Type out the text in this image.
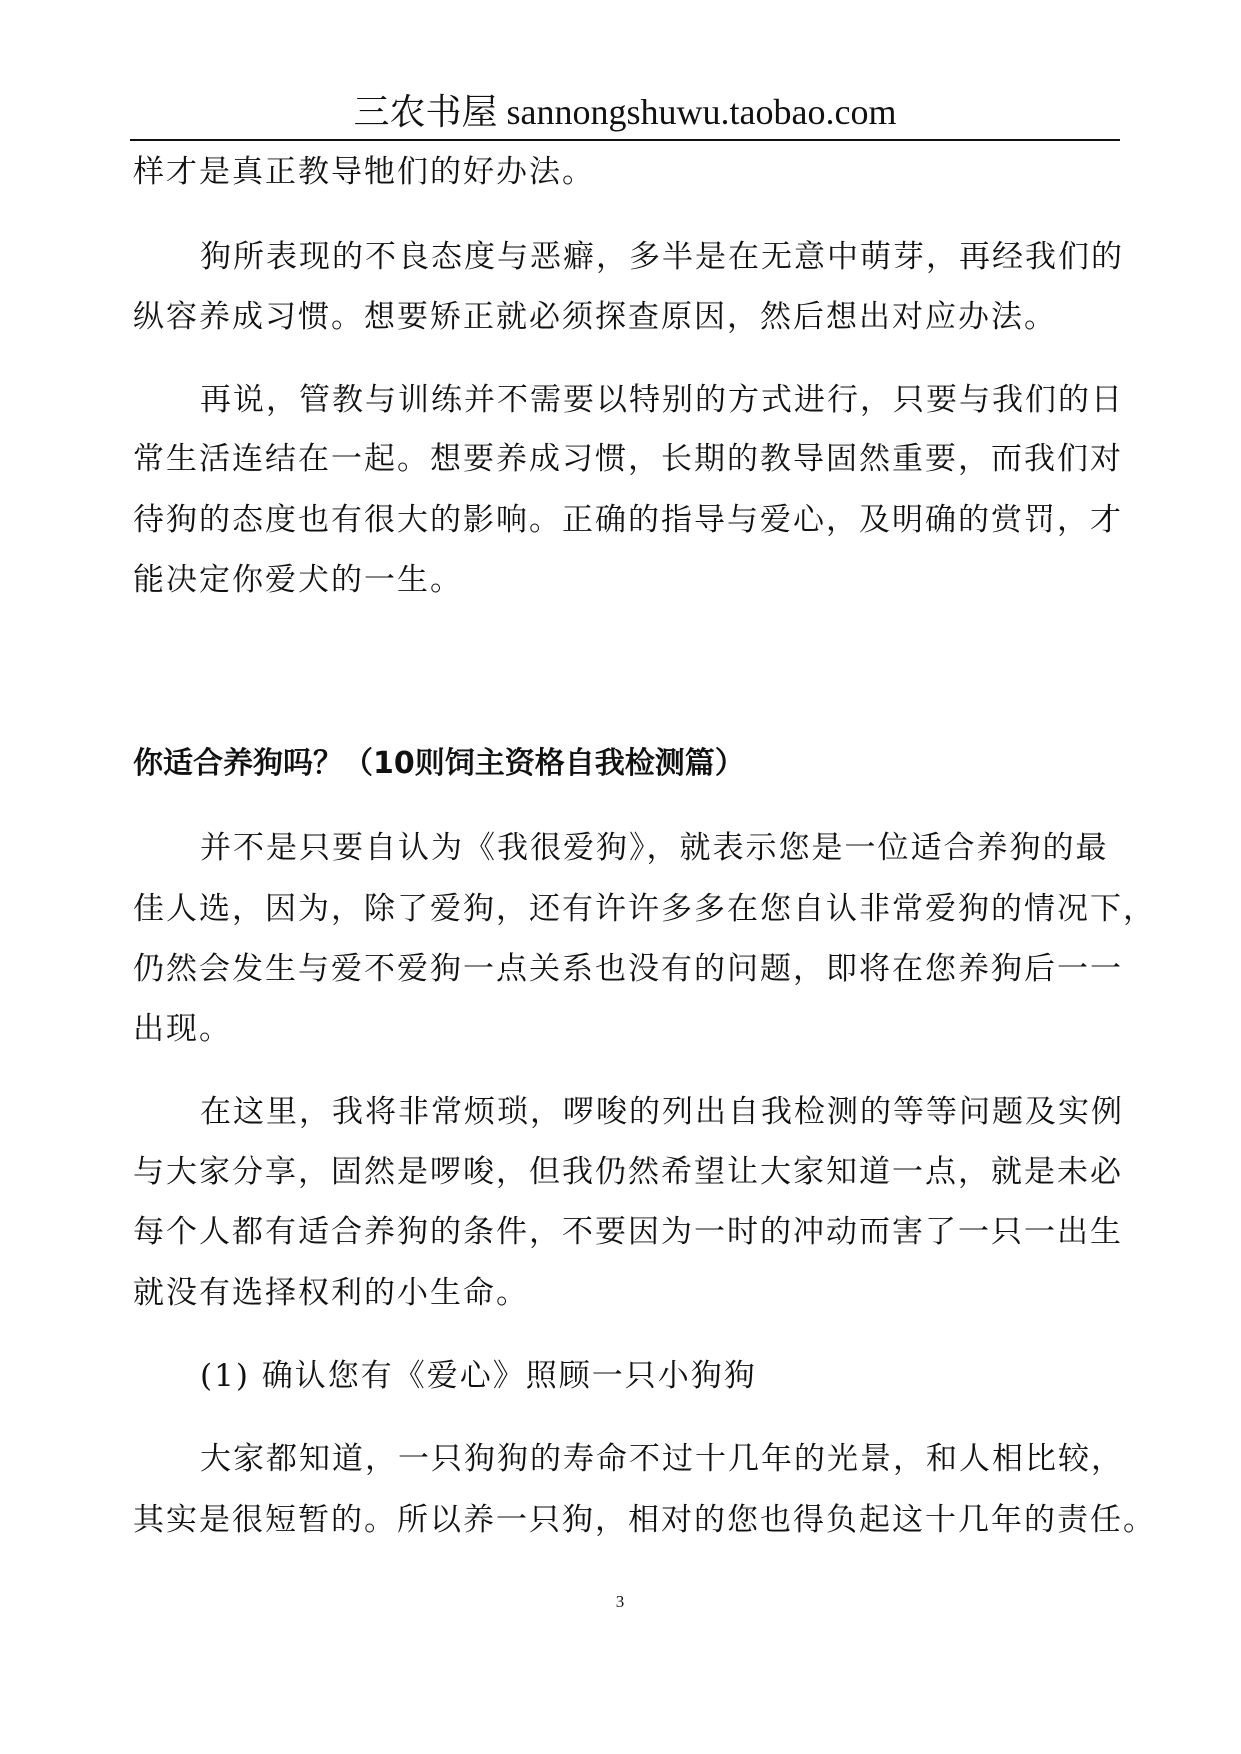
三农书屋 sannongshuwu.taobao.com
样才是真正教导牠们的好办法。
狗所表现的不良态度与恶癖，多半是在无意中萌芽，再经我们的
纵容养成习惯。想要矫正就必须探查原因，然后想出对应办法。
再说，管教与训练并不需要以特别的方式进行，只要与我们的日
常生活连结在一起。想要养成习惯，长期的教导固然重要，而我们对
待狗的态度也有很大的影响。正确的指导与爱心，及明确的赏罚，才
能决定你爱犬的一生。
你适合养狗吗？（10则饲主资格自我检测篇）
并不是只要自认为《我很爱狗》，就表示您是一位适合养狗的最
佳人选，因为，除了爱狗，还有许许多多在您自认非常爱狗的情况下，
仍然会发生与爱不爱狗一点关系也没有的问题，即将在您养狗后一一
出现。
在这里，我将非常烦琐，啰唆的列出自我检测的等等问题及实例
与大家分享，固然是啰唆，但我仍然希望让大家知道一点，就是未必
每个人都有适合养狗的条件，不要因为一时的冲动而害了一只一出生
就没有选择权利的小生命。
(1) 确认您有《爱心》照顾一只小狗狗
大家都知道，一只狗狗的寿命不过十几年的光景，和人相比较，
其实是很短暂的。所以养一只狗，相对的您也得负起这十几年的责任。
3
